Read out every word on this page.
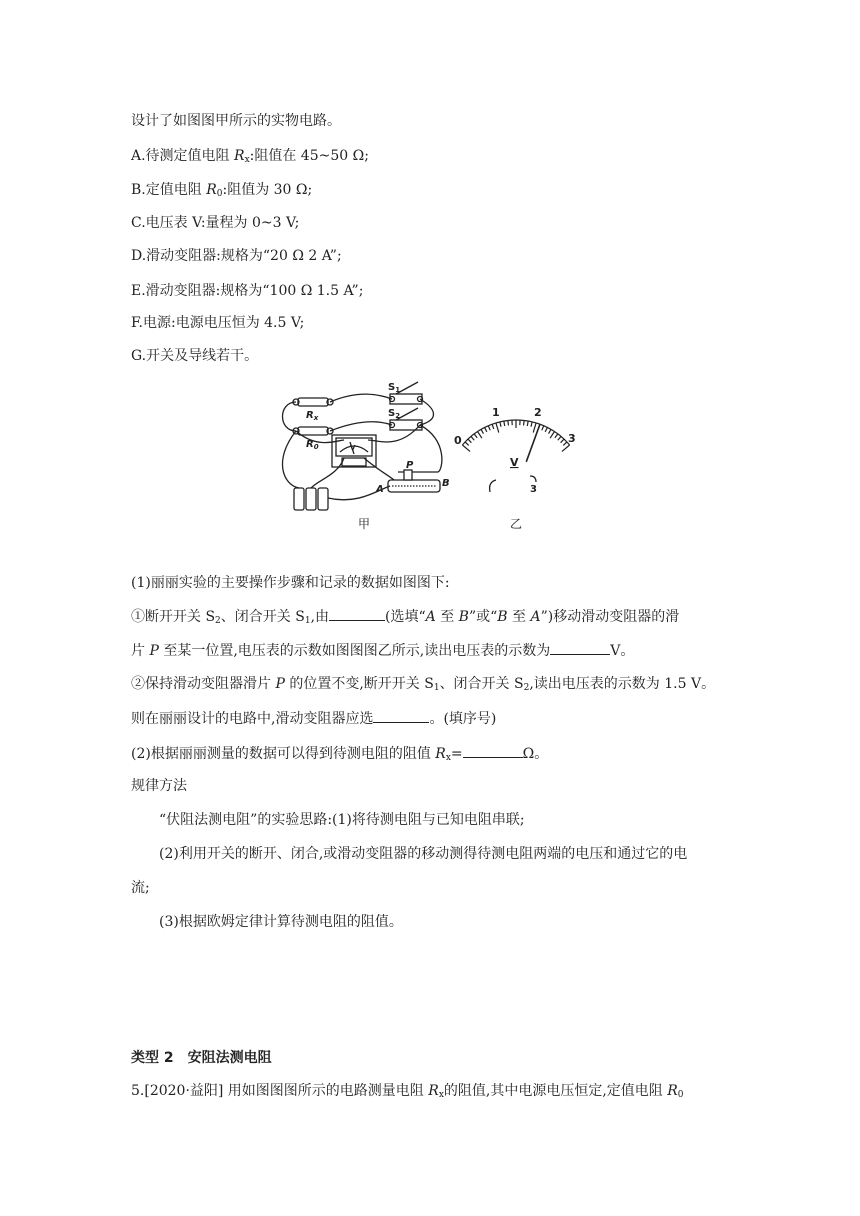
设计了如图图甲所示的实物电路。
A.待测定值电阻 $R_x$:阻值在 45~50 Ω;
B.定值电阻 $R_0$:阻值为 30 Ω;
C.电压表 V:量程为 0~3 V;
D.滑动变阻器:规格为“20 Ω 2 A”;
E.滑动变阻器:规格为“100 Ω 1.5 A”;
F.电源:电源电压恒为 4.5 V;
G.开关及导线若干。
$S_1$
$S_2$
$R_x$
$R_0$
P
A
B
V
甲
0
1	2
3
V
3
乙
(1)丽丽实验的主要操作步骤和记录的数据如图图下:
①断开开关 $S_2$、闭合开关 $S_1$,由	(选填“A 至 B”或“B 至 A”)移动滑动变阻器的滑
片 P 至某一位置,电压表的示数如图图图乙所示,读出电压表的示数为	V。
②保持滑动变阻器滑片 P 的位置不变,断开开关 $S_1$、闭合开关 $S_2$,读出电压表的示数为 1.5 V。
则在丽丽设计的电路中,滑动变阻器应选	。(填序号)
(2)根据丽丽测量的数据可以得到待测电阻的阻值 $R_x=$	Ω。
规律方法
“伏阻法测电阻”的实验思路:(1)将待测电阻与已知电阻串联;
(2)利用开关的断开、闭合,或滑动变阻器的移动测得待测电阻两端的电压和通过它的电
流;
(3)根据欧姆定律计算待测电阻的阻值。
类型 2 安阻法测电阻
5.[2020·益阳] 用如图图图所示的电路测量电阻 $R_x$的阻值,其中电源电压恒定,定值电阻 $R_0$
